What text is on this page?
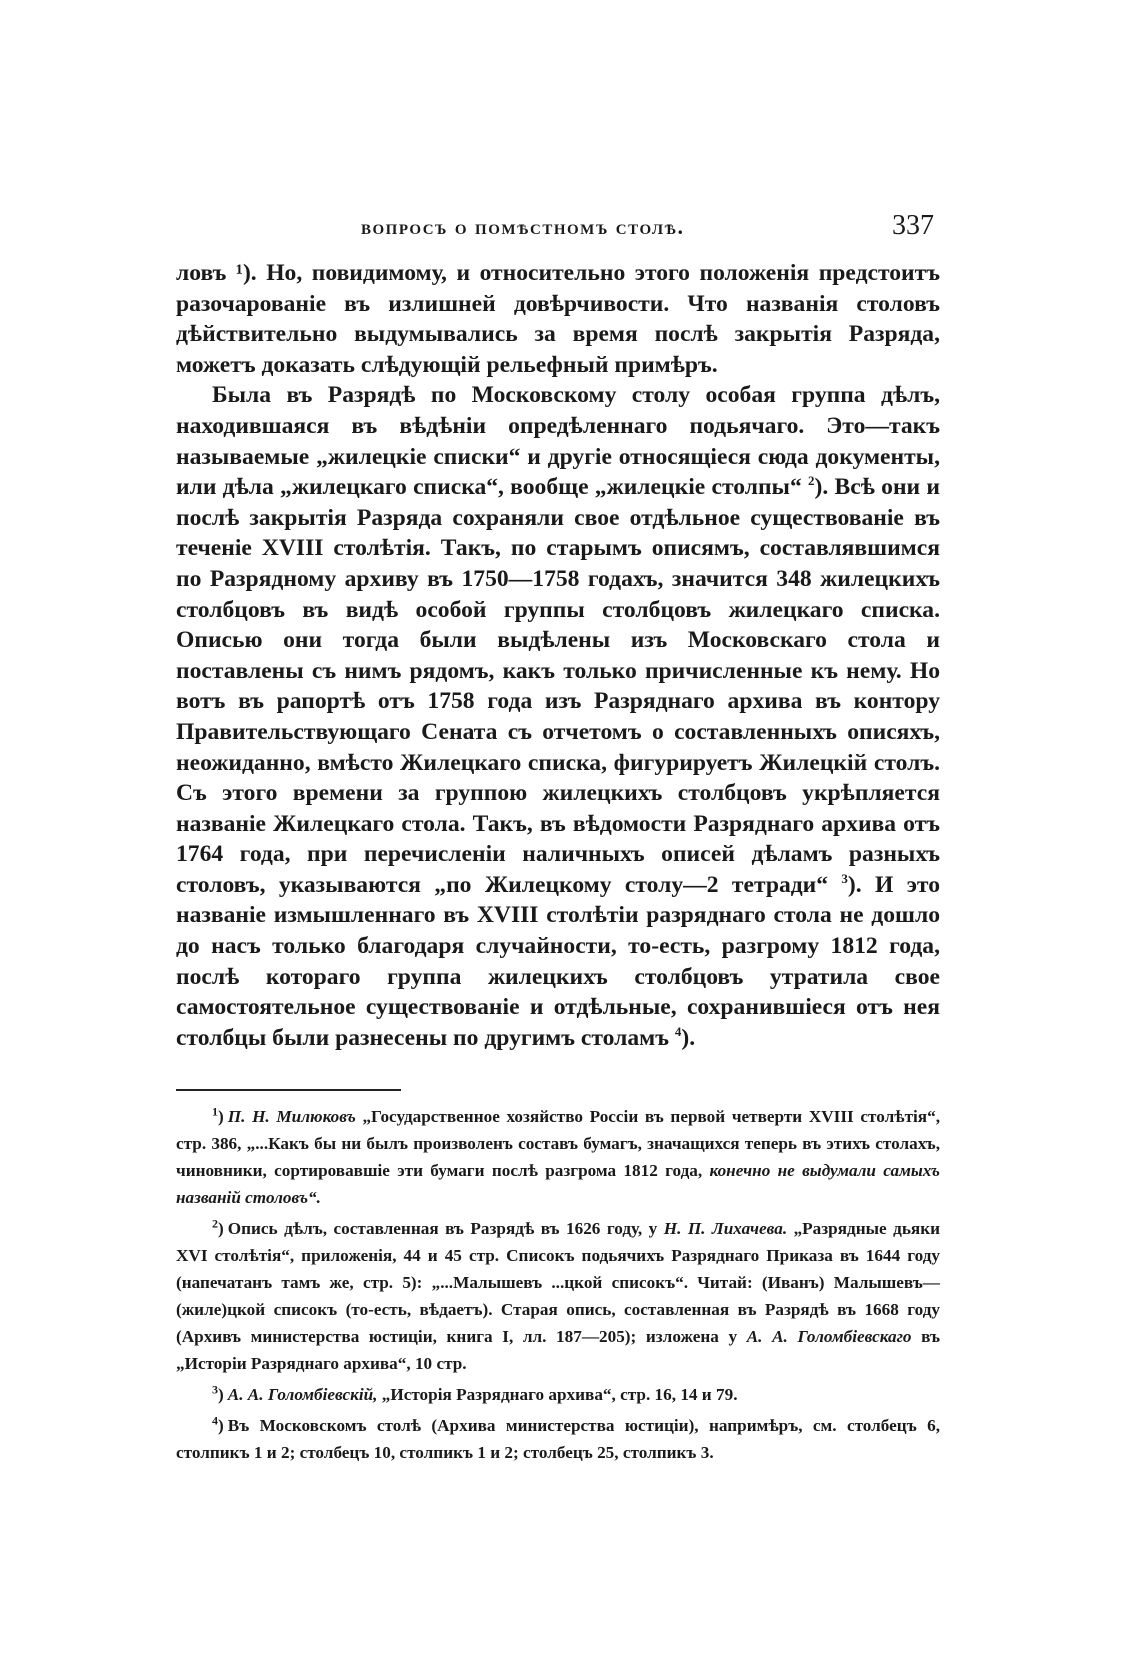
вопросъ о помѣстномъ столѣ.	337

ловъ ¹). Но, повидимому, и относительно этого положенія предстоитъ разочарованіе въ излишней довѣрчивости. Что названія столовъ дѣйствительно выдумывались за время послѣ закрытія Разряда, можетъ доказать слѣдующій рельефный примѣръ.

Была въ Разрядѣ по Московскому столу особая группа дѣлъ, находившаяся въ вѣдѣніи опредѣленнаго подьячаго. Это—такъ называемые „жилецкіе списки“ и другіе относящіеся сюда документы, или дѣла „жилецкаго списка“, вообще „жилецкіе столпы“ $^2$). Всѣ они и послѣ закрытія Разряда сохраняли свое отдѣльное существованіе въ теченіе XVIII столѣтія. Такъ, по старымъ описямъ, составлявшимся по Разрядному архиву въ 1750—1758 годахъ, значится 348 жилецкихъ столбцовъ въ видѣ особой группы столбцовъ жилецкаго списка. Описью они тогда были выдѣлены изъ Московскаго стола и поставлены съ нимъ рядомъ, какъ только причисленные къ нему. Но вотъ въ рапортѣ отъ 1758 года изъ Разряднаго архива въ контору Правительствующаго Сената съ отчетомъ о составленныхъ описяхъ, неожиданно, вмѣсто Жилецкаго списка, фигурируетъ Жилецкій столъ. Съ этого времени за группою жилецкихъ столбцовъ укрѣпляется названіе Жилецкаго стола. Такъ, въ вѣдомости Разряднаго архива отъ 1764 года, при перечисленіи наличныхъ описей дѣламъ разныхъ столовъ, указываются „по Жилецкому столу—2 тетради“ $^3$). И это названіе измышленнаго въ XVIII столѣтіи разряднаго стола не дошло до насъ только благодаря случайности, то-есть, разгрому 1812 года, послѣ котораго группа жилецкихъ столбцовъ утратила свое самостоятельное существованіе и отдѣльные, сохранившіеся отъ нея столбцы были разнесены по другимъ столамъ $^4$).

$^1$) П. Н. Милюковъ „Государственное хозяйство Россіи въ первой четверти XVIII столѣтія“, стр. 386, „...Какъ бы ни былъ произволенъ составъ бумагъ, значащихся теперь въ этихъ столахъ, чиновники, сортировавшіе эти бумаги послѣ разгрома 1812 года, конечно не выдумали самыхъ названій столовъ“.

$^2$) Опись дѣлъ, составленная въ Разрядѣ въ 1626 году, у Н. П. Лихачева. „Разрядные дьяки XVI столѣтія“, приложенія, 44 и 45 стр. Списокъ подьячихъ Разряднаго Приказа въ 1644 году (напечатанъ тамъ же, стр. 5): „...Малышевъ ...цкой списокъ“. Читай: (Иванъ) Малышевъ—(жиле)цкой списокъ (то-есть, вѣдаетъ). Старая опись, составленная въ Разрядѣ въ 1668 году (Архивъ министерства юстиціи, книга I, лл. 187—205); изложена у А. А. Голомбіевскаго въ „Исторіи Разряднаго архива“, 10 стр.

$^3$) А. А. Голомбіевскій, „Исторія Разряднаго архива“, стр. 16, 14 и 79.

$^4$) Въ Московскомъ столѣ (Архива министерства юстиціи), напримѣръ, см. столбецъ 6, столпикъ 1 и 2; столбецъ 10, столпикъ 1 и 2; столбецъ 25, столпикъ 3.
